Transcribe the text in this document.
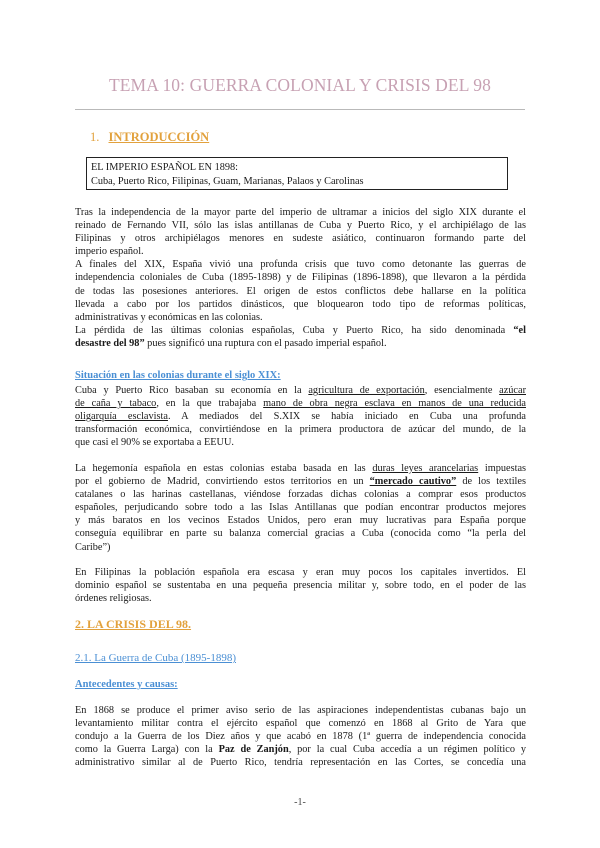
TEMA 10: GUERRA COLONIAL Y CRISIS DEL 98
1. INTRODUCCIÓN
EL IMPERIO ESPAÑOL EN 1898:
Cuba, Puerto Rico, Filipinas, Guam, Marianas, Palaos y Carolinas
Tras la independencia de la mayor parte del imperio de ultramar a inicios del siglo XIX durante el
reinado de Fernando VII, sólo las islas antillanas de Cuba y Puerto Rico, y el archipiélago de las
Filipinas y otros archipiélagos menores en sudeste asiático, continuaron formando parte del
imperio español.
A finales del XIX, España vivió una profunda crisis que tuvo como detonante las guerras de
independencia coloniales de Cuba (1895-1898) y de Filipinas (1896-1898), que llevaron a la pérdida
de todas las posesiones anteriores. El origen de estos conflictos debe hallarse en la política
llevada a cabo por los partidos dinásticos, que bloquearon todo tipo de reformas políticas,
administrativas y económicas en las colonias.
La pérdida de las últimas colonias españolas, Cuba y Puerto Rico, ha sido denominada “el
desastre del 98” pues significó una ruptura con el pasado imperial español.
Situación en las colonias durante el siglo XIX:
Cuba y Puerto Rico basaban su economía en la agricultura de exportación, esencialmente azúcar
de caña y tabaco, en la que trabajaba mano de obra negra esclava en manos de una reducida
oligarquía esclavista. A mediados del S.XIX se había iniciado en Cuba una profunda
transformación económica, convirtiéndose en la primera productora de azúcar del mundo, de la
que casi el 90% se exportaba a EEUU.
La hegemonía española en estas colonias estaba basada en las duras leyes arancelarias impuestas
por el gobierno de Madrid, convirtiendo estos territorios en un “mercado cautivo” de los textiles
catalanes o las harinas castellanas, viéndose forzadas dichas colonias a comprar esos productos
españoles, perjudicando sobre todo a las Islas Antillanas que podían encontrar productos mejores
y más baratos en los vecinos Estados Unidos, pero eran muy lucrativas para España porque
conseguía equilibrar en parte su balanza comercial gracias a Cuba (conocida como “la perla del
Caribe”)
En Filipinas la población española era escasa y eran muy pocos los capitales invertidos. El
dominio español se sustentaba en una pequeña presencia militar y, sobre todo, en el poder de las
órdenes religiosas.
2. LA CRISIS DEL 98.
2.1. La Guerra de Cuba (1895-1898)
Antecedentes y causas:
En 1868 se produce el primer aviso serio de las aspiraciones independentistas cubanas bajo un
levantamiento militar contra el ejército español que comenzó en 1868 al Grito de Yara que
condujo a la Guerra de los Diez años y que acabó en 1878 (1ª guerra de independencia conocida
como la Guerra Larga) con la Paz de Zanjón, por la cual Cuba accedía a un régimen político y
administrativo similar al de Puerto Rico, tendría representación en las Cortes, se concedía una
-1-
